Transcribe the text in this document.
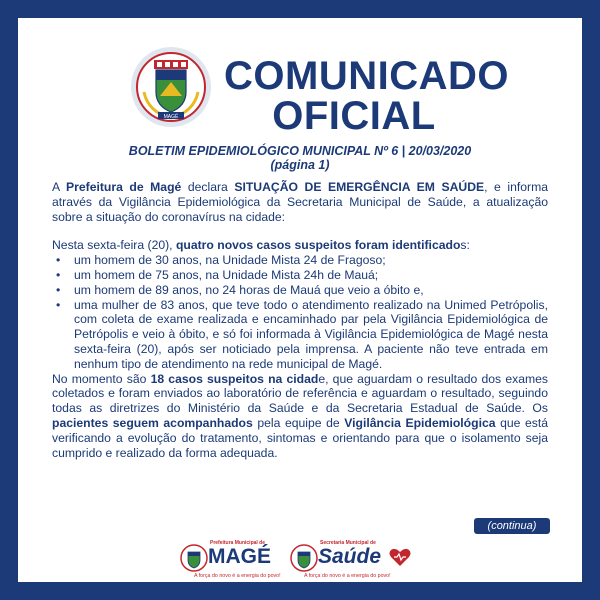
MAGÉ
COMUNICADO
OFICIAL
BOLETIM EPIDEMIOLÓGICO MUNICIPAL Nº 6 | 20/03/2020
(página 1)

A Prefeitura de Magé declara SITUAÇÃO DE EMERGÊNCIA EM SAÚDE, e informa através da Vigilância Epidemiológica da Secretaria Municipal de Saúde, a atualização sobre a situação do coronavírus na cidade:

Nesta sexta-feira (20), quatro novos casos suspeitos foram identificados:

• um homem de 30 anos, na Unidade Mista 24 de Fragoso;
• um homem de 75 anos, na Unidade Mista 24h de Mauá;
• um homem de 89 anos, no 24 horas de Mauá que veio a óbito e,
• uma mulher de 83 anos, que teve todo o atendimento realizado na Unimed Petrópolis, com coleta de exame realizada e encaminhado par pela Vigilância Epidemiológica de Petrópolis e veio à óbito, e só foi informada à Vigilância Epidemiológica de Magé nesta sexta-feira (20), após ser noticiado pela imprensa. A paciente não teve entrada em nenhum tipo de atendimento na rede municipal de Magé.

No momento são 18 casos suspeitos na cidade, que aguardam o resultado dos exames coletados e foram enviados ao laboratório de referência e aguardam o resultado, seguindo todas as diretrizes do Ministério da Saúde e da Secretaria Estadual de Saúde. Os pacientes seguem acompanhados pela equipe de Vigilância Epidemiológica que está verificando a evolução do tratamento, sintomas e orientando para que o isolamento seja cumprido e realizado da forma adequada.

(continua)
Prefeitura Municipal de
MAGÉ
A força do novo é a energia do povo!
Secretaria Municipal de
Saúde
A força do novo é a energia do povo!
